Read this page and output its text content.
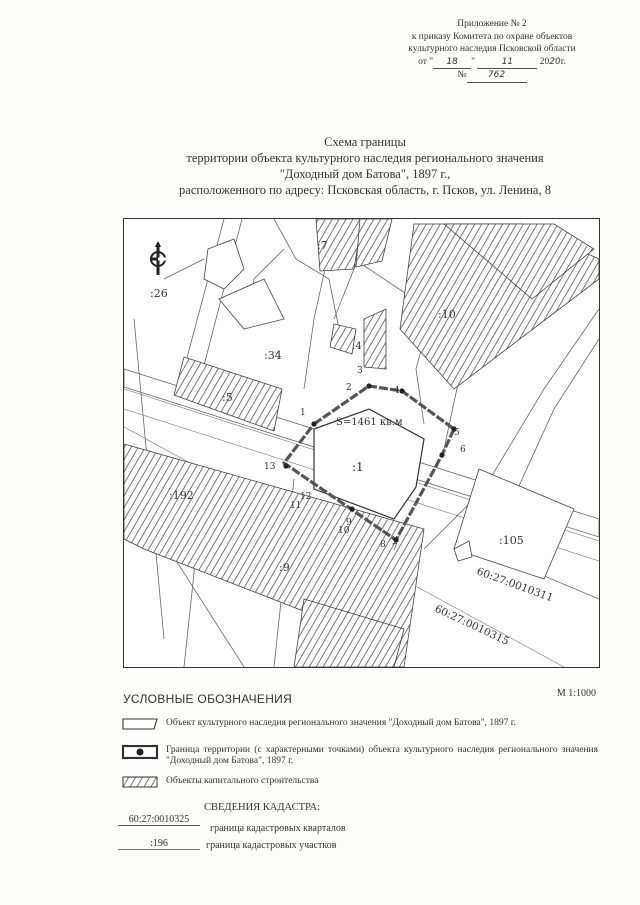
Приложение № 2
к приказу Комитета по охране объектов
культурного наследия Псковской области
от " 18 "	11	2020г.
№ 762
Схема границы
территории объекта культурного наследия регионального значения
"Доходный дом Батова", 1897 г.,
расположенного по адресу: Псковская область, г. Псков, ул. Ленина, 8
:7
:10
:26
:34
:5
:1
:192
:105
:9
:4
S=1461 кв.м
1
2
3
4
5
6
7
8
9
10
11
12
13
60:27:0010311
60:27:0010315
УСЛОВНЫЕ ОБОЗНАЧЕНИЯ	М 1:1000
Объект культурного наследия регионального значения "Доходный дом Батова", 1897 г.
Граница территории (с характерными точками) объекта культурного наследия регионального значения "Доходный дом Батова", 1897 г.
Объекты капитального строительства
СВЕДЕНИЯ КАДАСТРА:
60:27:0010325
граница кадастровых кварталов
:196	граница кадастровых участков
